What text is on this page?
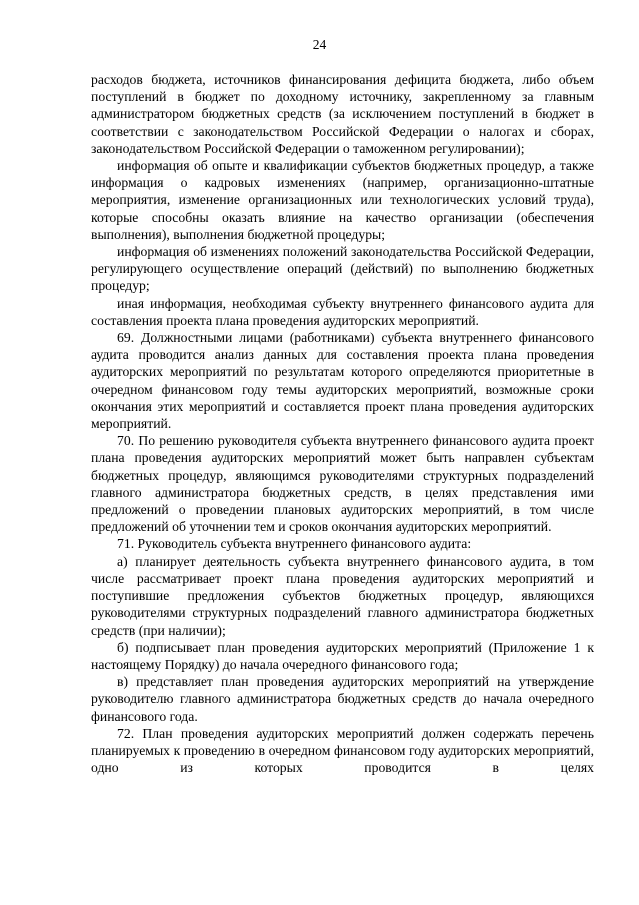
24

расходов бюджета, источников финансирования дефицита бюджета, либо объем поступлений в бюджет по доходному источнику, закрепленному за главным администратором бюджетных средств (за исключением поступлений в бюджет в соответствии с законодательством Российской Федерации о налогах и сборах, законодательством Российской Федерации о таможенном регулировании);

информация об опыте и квалификации субъектов бюджетных процедур, а также информация о кадровых изменениях (например, организационно-штатные мероприятия, изменение организационных или технологических условий труда), которые способны оказать влияние на качество организации (обеспечения выполнения), выполнения бюджетной процедуры;

информация об изменениях положений законодательства Российской Федерации, регулирующего осуществление операций (действий) по выполнению бюджетных процедур;

иная информация, необходимая субъекту внутреннего финансового аудита для составления проекта плана проведения аудиторских мероприятий.

69. Должностными лицами (работниками) субъекта внутреннего финансового аудита проводится анализ данных для составления проекта плана проведения аудиторских мероприятий по результатам которого определяются приоритетные в очередном финансовом году темы аудиторских мероприятий, возможные сроки окончания этих мероприятий и составляется проект плана проведения аудиторских мероприятий.

70. По решению руководителя субъекта внутреннего финансового аудита проект плана проведения аудиторских мероприятий может быть направлен субъектам бюджетных процедур, являющимся руководителями структурных подразделений главного администратора бюджетных средств, в целях представления ими предложений о проведении плановых аудиторских мероприятий, в том числе предложений об уточнении тем и сроков окончания аудиторских мероприятий.

71. Руководитель субъекта внутреннего финансового аудита:

а) планирует деятельность субъекта внутреннего финансового аудита, в том числе рассматривает проект плана проведения аудиторских мероприятий и поступившие предложения субъектов бюджетных процедур, являющихся руководителями структурных подразделений главного администратора бюджетных средств (при наличии);

б) подписывает план проведения аудиторских мероприятий (Приложение 1 к настоящему Порядку) до начала очередного финансового года;

в) представляет план проведения аудиторских мероприятий на утверждение руководителю главного администратора бюджетных средств до начала очередного финансового года.

72. План проведения аудиторских мероприятий должен содержать перечень планируемых к проведению в очередном финансовом году аудиторских мероприятий, одно из которых проводится в целях
